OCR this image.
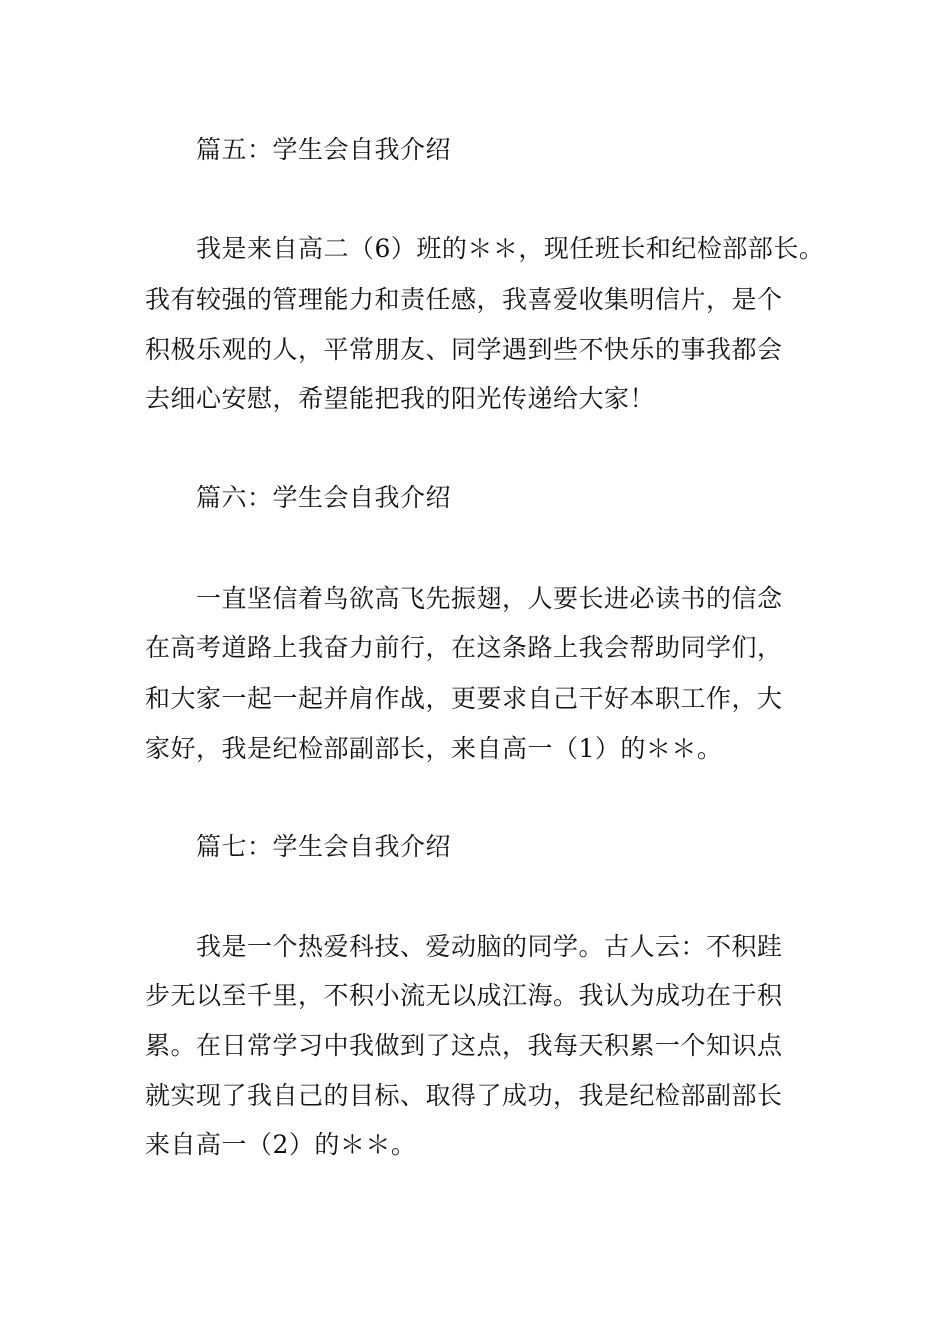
篇五：学生会自我介绍
我是来自高二（6）班的＊＊，现任班长和纪检部部长。
我有较强的管理能力和责任感，我喜爱收集明信片，是个
积极乐观的人，平常朋友、同学遇到些不快乐的事我都会
去细心安慰，希望能把我的阳光传递给大家！
篇六：学生会自我介绍
一直坚信着鸟欲高飞先振翅，人要长进必读书的信念
在高考道路上我奋力前行，在这条路上我会帮助同学们，
和大家一起一起并肩作战，更要求自己干好本职工作，大
家好，我是纪检部副部长，来自高一（1）的＊＊。
篇七：学生会自我介绍
我是一个热爱科技、爱动脑的同学。古人云：不积跬
步无以至千里，不积小流无以成江海。我认为成功在于积
累。在日常学习中我做到了这点，我每天积累一个知识点
就实现了我自己的目标、取得了成功，我是纪检部副部长
来自高一（2）的＊＊。
